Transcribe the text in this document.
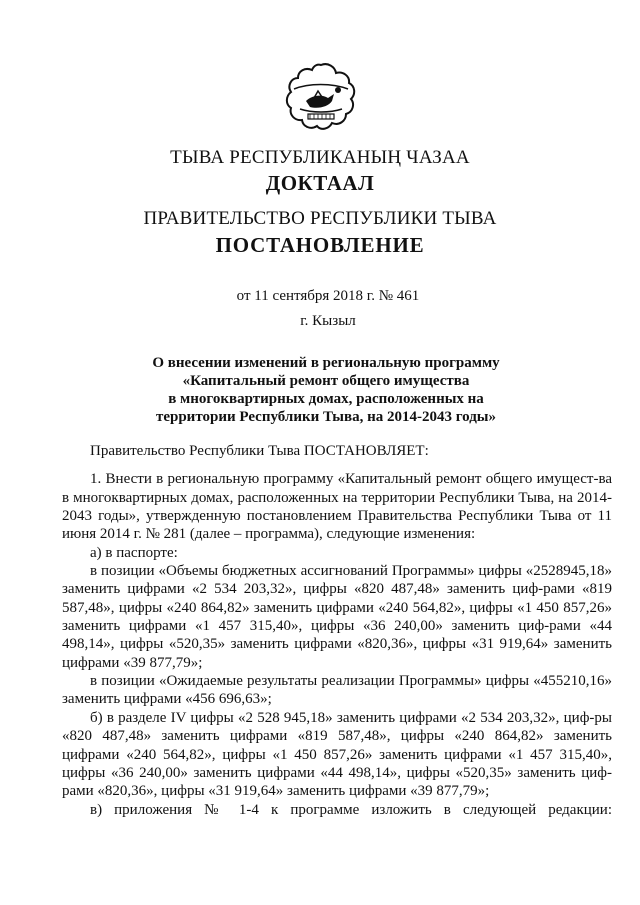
ТЫВА РЕСПУБЛИКАНЫҢ ЧАЗАА
ДОКТААЛ
ПРАВИТЕЛЬСТВО РЕСПУБЛИКИ ТЫВА
ПОСТАНОВЛЕНИЕ
от 11 сентября 2018 г. № 461
г. Кызыл
О внесении изменений в региональную программу
«Капитальный ремонт общего имущества
в многоквартирных домах, расположенных на
территории Республики Тыва, на 2014-2043 годы»

Правительство Республики Тыва ПОСТАНОВЛЯЕТ:

1. Внести в региональную программу «Капитальный ремонт общего имущест-ва в многоквартирных домах, расположенных на территории Республики Тыва, на 2014-2043 годы», утвержденную постановлением Правительства Республики Тыва от 11 июня 2014 г. № 281 (далее – программа), следующие изменения:

а) в паспорте:

в позиции «Объемы бюджетных ассигнований Программы» цифры «2528945,18» заменить цифрами «2 534 203,32», цифры «820 487,48» заменить циф-рами «819 587,48», цифры «240 864,82» заменить цифрами «240 564,82», цифры «1 450 857,26» заменить цифрами «1 457 315,40», цифры «36 240,00» заменить циф-рами «44 498,14», цифры «520,35» заменить цифрами «820,36», цифры «31 919,64» заменить цифрами «39 877,79»;

в позиции «Ожидаемые результаты реализации Программы» цифры «455210,16» заменить цифрами «456 696,63»;

б) в разделе IV цифры «2 528 945,18» заменить цифрами «2 534 203,32», циф-ры «820 487,48» заменить цифрами «819 587,48», цифры «240 864,82» заменить цифрами «240 564,82», цифры «1 450 857,26» заменить цифрами «1 457 315,40», цифры «36 240,00» заменить цифрами «44 498,14», цифры «520,35» заменить циф-рами «820,36», цифры «31 919,64» заменить цифрами «39 877,79»;

в) приложения № 1-4 к программе изложить в следующей редакции:
